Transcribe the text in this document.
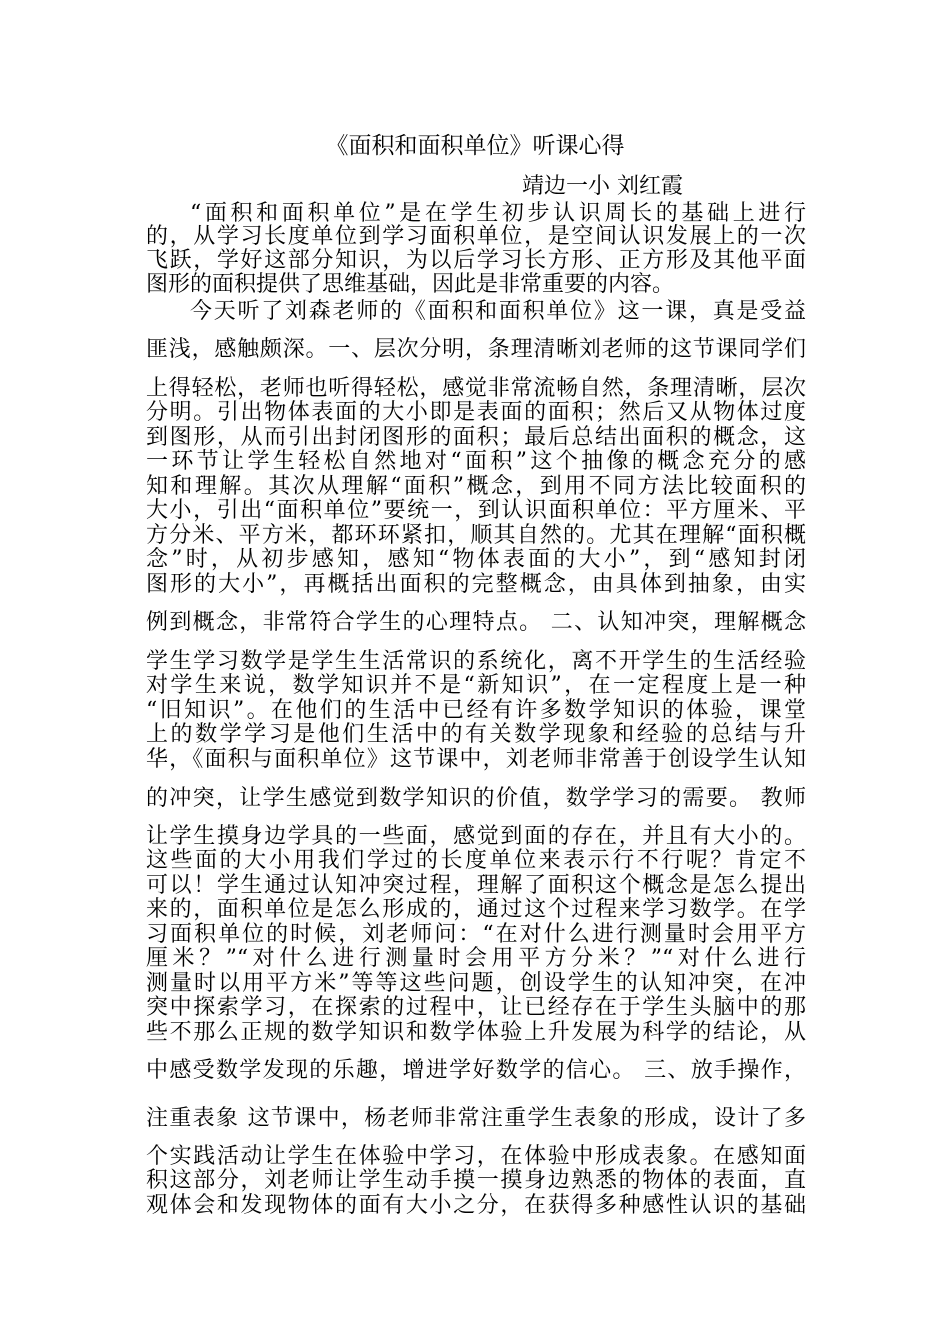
《面积和面积单位》听课心得
靖边一小 刘红霞
“面积和面积单位”是在学生初步认识周长的基础上进行
的，从学习长度单位到学习面积单位，是空间认识发展上的一次
飞跃，学好这部分知识，为以后学习长方形、正方形及其他平面
图形的面积提供了思维基础，因此是非常重要的内容。
今天听了刘森老师的《面积和面积单位》这一课，真是受益
匪浅，感触颇深。一、层次分明，条理清晰刘老师的这节课同学们
上得轻松，老师也听得轻松，感觉非常流畅自然，条理清晰，层次
分明。引出物体表面的大小即是表面的面积；然后又从物体过度
到图形，从而引出封闭图形的面积；最后总结出面积的概念，这
一环节让学生轻松自然地对“面积”这个抽像的概念充分的感
知和理解。其次从理解“面积”概念，到用不同方法比较面积的
大小，引出“面积单位”要统一，到认识面积单位：平方厘米、平
方分米、平方米，都环环紧扣，顺其自然的。尤其在理解“面积概
念”时，从初步感知，感知“物体表面的大小”，到“感知封闭
图形的大小”，再概括出面积的完整概念，由具体到抽象，由实
例到概念，非常符合学生的心理特点。 二、认知冲突，理解概念
学生学习数学是学生生活常识的系统化，离不开学生的生活经验
对学生来说，数学知识并不是“新知识”，在一定程度上是一种
“旧知识”。在他们的生活中已经有许多数学知识的体验，课堂
上的数学学习是他们生活中的有关数学现象和经验的总结与升
华，《面积与面积单位》这节课中，刘老师非常善于创设学生认知
的冲突，让学生感觉到数学知识的价值，数学学习的需要。 教师
让学生摸身边学具的一些面，感觉到面的存在，并且有大小的。
这些面的大小用我们学过的长度单位来表示行不行呢？肯定不
可以！学生通过认知冲突过程，理解了面积这个概念是怎么提出
来的，面积单位是怎么形成的，通过这个过程来学习数学。在学
习面积单位的时候，刘老师问：“在对什么进行测量时会用平方
厘米？”“对什么进行测量时会用平方分米？”“对什么进行
测量时以用平方米”等等这些问题，创设学生的认知冲突，在冲
突中探索学习，在探索的过程中，让已经存在于学生头脑中的那
些不那么正规的数学知识和数学体验上升发展为科学的结论，从
中感受数学发现的乐趣，增进学好数学的信心。 三、放手操作，
注重表象 这节课中，杨老师非常注重学生表象的形成，设计了多
个实践活动让学生在体验中学习，在体验中形成表象。在感知面
积这部分，刘老师让学生动手摸一摸身边熟悉的物体的表面，直
观体会和发现物体的面有大小之分，在获得多种感性认识的基础
